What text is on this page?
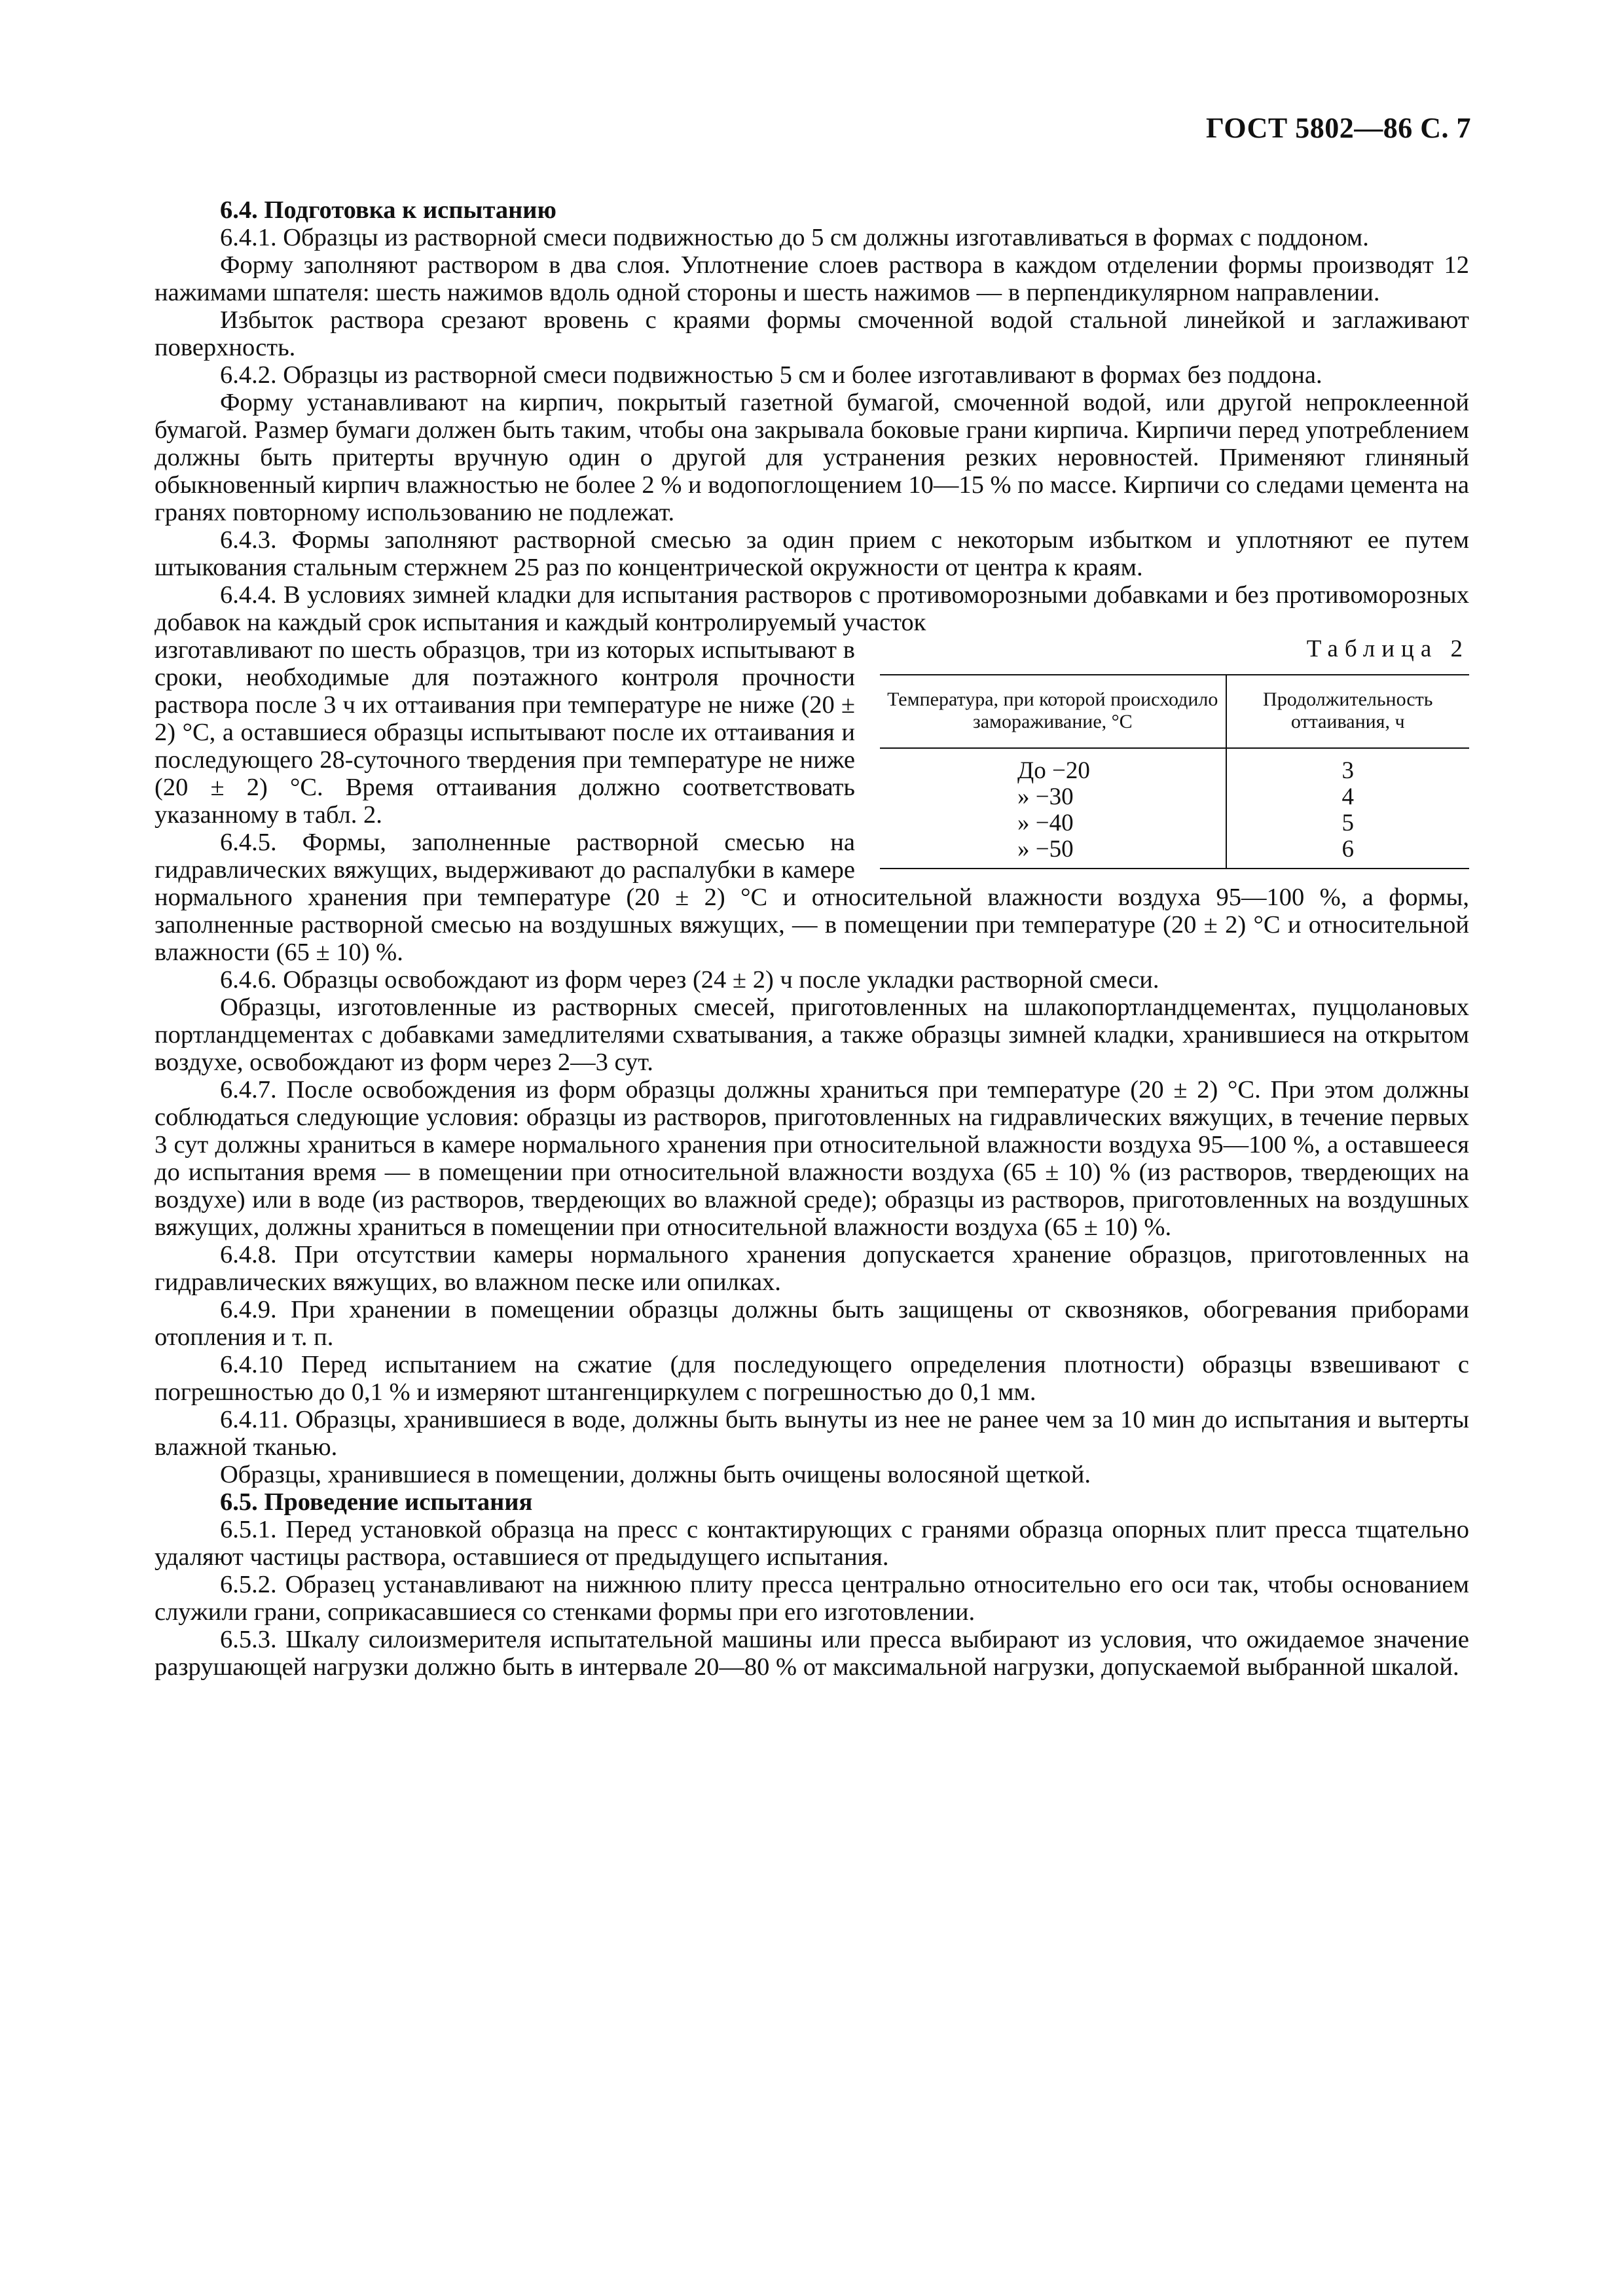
ГОСТ 5802—86 С. 7

6.4. Подготовка к испытанию

6.4.1. Образцы из растворной смеси подвижностью до 5 см должны изготавливаться в формах с поддоном.

Форму заполняют раствором в два слоя. Уплотнение слоев раствора в каждом отделении формы производят 12 нажимами шпателя: шесть нажимов вдоль одной стороны и шесть нажимов — в перпендикулярном направлении.

Избыток раствора срезают вровень с краями формы смоченной водой стальной линейкой и заглаживают поверхность.

6.4.2. Образцы из растворной смеси подвижностью 5 см и более изготавливают в формах без поддона.

Форму устанавливают на кирпич, покрытый газетной бумагой, смоченной водой, или другой непроклеенной бумагой. Размер бумаги должен быть таким, чтобы она закрывала боковые грани кирпича. Кирпичи перед употреблением должны быть притерты вручную один о другой для устранения резких неровностей. Применяют глиняный обыкновенный кирпич влажностью не более 2 % и водопоглощением 10—15 % по массе. Кирпичи со следами цемента на гранях повторному использованию не подлежат.

6.4.3. Формы заполняют растворной смесью за один прием с некоторым избытком и уплотняют ее путем штыкования стальным стержнем 25 раз по концентрической окружности от центра к краям.

6.4.4. В условиях зимней кладки для испытания растворов с противоморозными добавками и без противоморозных добавок на каждый срок испытания и каждый контролируемый участок

Таблица 2
Температура, при которой происходило замораживание, °С	Продолжительность оттаивания, ч
До −20	3
» −30	4
» −40	5
» −50	6

изготавливают по шесть образцов, три из которых испытывают в сроки, необходимые для поэтажного контроля прочности раствора после 3 ч их оттаивания при температуре не ниже (20 ± 2) °С, а оставшиеся образцы испытывают после их оттаивания и последующего 28-суточного твердения при температуре не ниже (20 ± 2) °С. Время оттаивания должно соответствовать указанному в табл. 2.

6.4.5. Формы, заполненные растворной смесью на гидравлических вяжущих, выдерживают до распалубки в камере нормального хранения при температуре (20 ± 2) °С и относительной влажности воздуха 95—100 %, а формы, заполненные растворной смесью на воздушных вяжущих, — в помещении при температуре (20 ± 2) °С и относительной влажности (65 ± 10) %.

6.4.6. Образцы освобождают из форм через (24 ± 2) ч после укладки растворной смеси.

Образцы, изготовленные из растворных смесей, приготовленных на шлакопортландцементах, пуццолановых портландцементах с добавками замедлителями схватывания, а также образцы зимней кладки, хранившиеся на открытом воздухе, освобождают из форм через 2—3 сут.

6.4.7. После освобождения из форм образцы должны храниться при температуре (20 ± 2) °С. При этом должны соблюдаться следующие условия: образцы из растворов, приготовленных на гидравлических вяжущих, в течение первых 3 сут должны храниться в камере нормального хранения при относительной влажности воздуха 95—100 %, а оставшееся до испытания время — в помещении при относительной влажности воздуха (65 ± 10) % (из растворов, твердеющих на воздухе) или в воде (из растворов, твердеющих во влажной среде); образцы из растворов, приготовленных на воздушных вяжущих, должны храниться в помещении при относительной влажности воздуха (65 ± 10) %.

6.4.8. При отсутствии камеры нормального хранения допускается хранение образцов, приготовленных на гидравлических вяжущих, во влажном песке или опилках.

6.4.9. При хранении в помещении образцы должны быть защищены от сквозняков, обогревания приборами отопления и т. п.

6.4.10 Перед испытанием на сжатие (для последующего определения плотности) образцы взвешивают с погрешностью до 0,1 % и измеряют штангенциркулем с погрешностью до 0,1 мм.

6.4.11. Образцы, хранившиеся в воде, должны быть вынуты из нее не ранее чем за 10 мин до испытания и вытерты влажной тканью.

Образцы, хранившиеся в помещении, должны быть очищены волосяной щеткой.

6.5. Проведение испытания

6.5.1. Перед установкой образца на пресс с контактирующих с гранями образца опорных плит пресса тщательно удаляют частицы раствора, оставшиеся от предыдущего испытания.

6.5.2. Образец устанавливают на нижнюю плиту пресса центрально относительно его оси так, чтобы основанием служили грани, соприкасавшиеся со стенками формы при его изготовлении.

6.5.3. Шкалу силоизмерителя испытательной машины или пресса выбирают из условия, что ожидаемое значение разрушающей нагрузки должно быть в интервале 20—80 % от максимальной нагрузки, допускаемой выбранной шкалой.
